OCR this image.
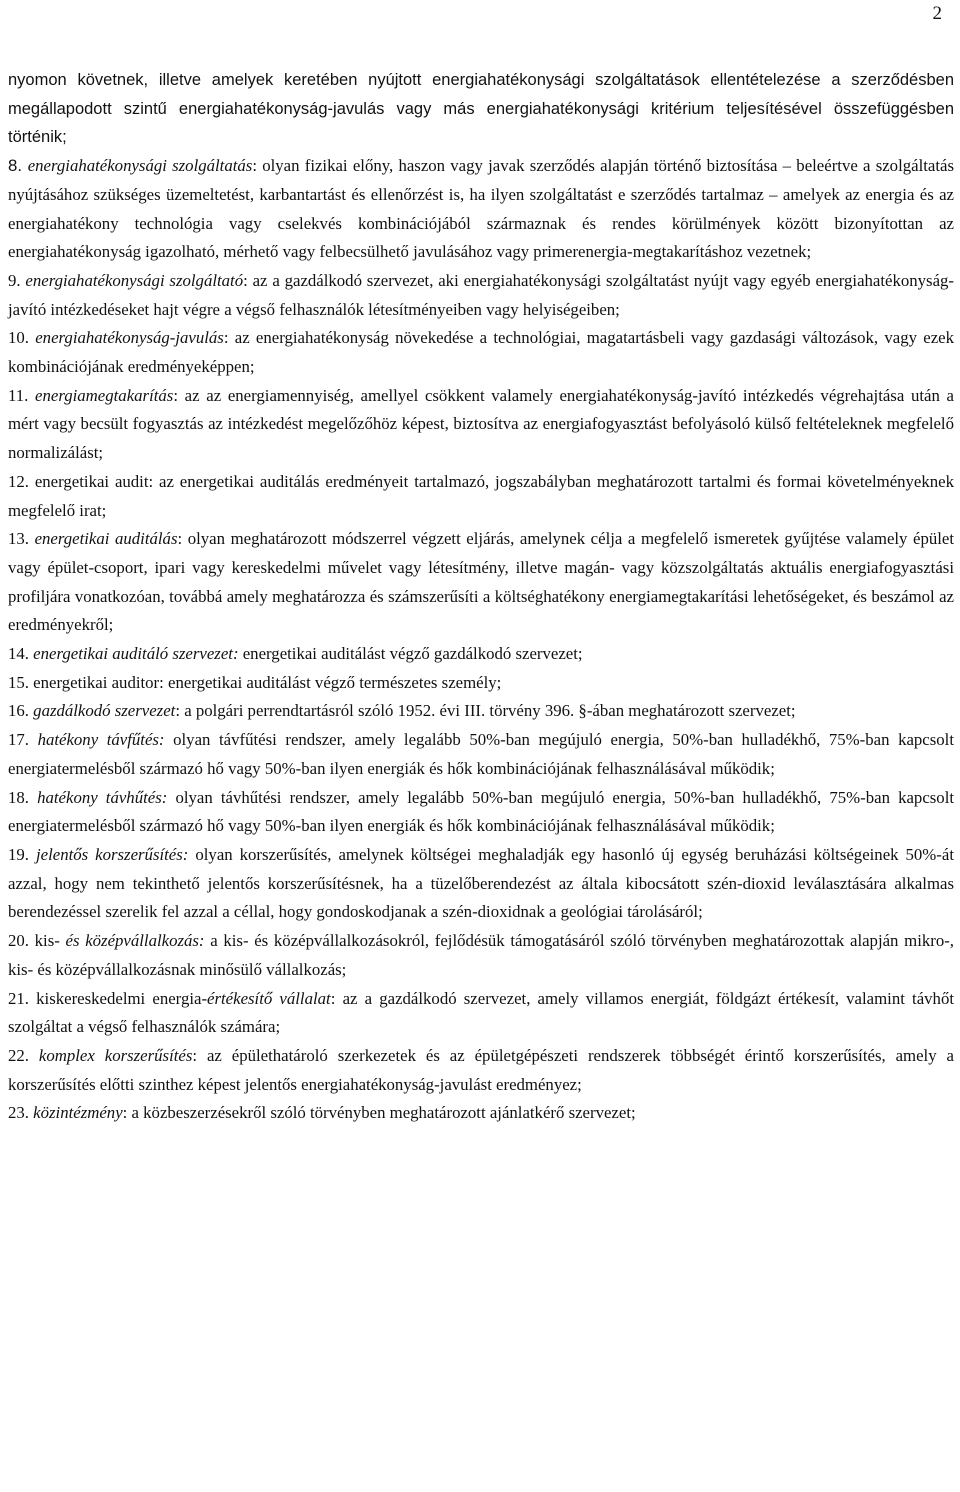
2

nyomon követnek, illetve amelyek keretében nyújtott energiahatékonysági szolgáltatások ellentételezése a szerződésben megállapodott szintű energiahatékonyság-javulás vagy más energiahatékonysági kritérium teljesítésével összefüggésben történik;

8. energiahatékonysági szolgáltatás: olyan fizikai előny, haszon vagy javak szerződés alapján történő biztosítása – beleértve a szolgáltatás nyújtásához szükséges üzemeltetést, karbantartást és ellenőrzést is, ha ilyen szolgáltatást e szerződés tartalmaz – amelyek az energia és az energiahatékony technológia vagy cselekvés kombinációjából származnak és rendes körülmények között bizonyítottan az energiahatékonyság igazolható, mérhető vagy felbecsülhető javulásához vagy primerenergia-megtakarításhoz vezetnek;

9. energiahatékonysági szolgáltató: az a gazdálkodó szervezet, aki energiahatékonysági szolgáltatást nyújt vagy egyéb energiahatékonyság-javító intézkedéseket hajt végre a végső felhasználók létesítményeiben vagy helyiségeiben;

10. energiahatékonyság-javulás: az energiahatékonyság növekedése a technológiai, magatartásbeli vagy gazdasági változások, vagy ezek kombinációjának eredményeképpen;

11. energiamegtakarítás: az az energiamennyiség, amellyel csökkent valamely energiahatékonyság-javító intézkedés végrehajtása után a mért vagy becsült fogyasztás az intézkedést megelőzőhöz képest, biztosítva az energiafogyasztást befolyásoló külső feltételeknek megfelelő normalizálást;

12. energetikai audit: az energetikai auditálás eredményeit tartalmazó, jogszabályban meghatározott tartalmi és formai követelményeknek megfelelő irat;

13. energetikai auditálás: olyan meghatározott módszerrel végzett eljárás, amelynek célja a megfelelő ismeretek gyűjtése valamely épület vagy épület-csoport, ipari vagy kereskedelmi művelet vagy létesítmény, illetve magán- vagy közszolgáltatás aktuális energiafogyasztási profiljára vonatkozóan, továbbá amely meghatározza és számszerűsíti a költséghatékony energiamegtakarítási lehetőségeket, és beszámol az eredményekről;

14. energetikai auditáló szervezet: energetikai auditálást végző gazdálkodó szervezet;

15. energetikai auditor: energetikai auditálást végző természetes személy;

16. gazdálkodó szervezet: a polgári perrendtartásról szóló 1952. évi III. törvény 396. §-ában meghatározott szervezet;

17. hatékony távfűtés: olyan távfűtési rendszer, amely legalább 50%-ban megújuló energia, 50%-ban hulladékhő, 75%-ban kapcsolt energiatermelésből származó hő vagy 50%-ban ilyen energiák és hők kombinációjának felhasználásával működik;

18. hatékony távhűtés: olyan távhűtési rendszer, amely legalább 50%-ban megújuló energia, 50%-ban hulladékhő, 75%-ban kapcsolt energiatermelésből származó hő vagy 50%-ban ilyen energiák és hők kombinációjának felhasználásával működik;

19. jelentős korszerűsítés: olyan korszerűsítés, amelynek költségei meghaladják egy hasonló új egység beruházási költségeinek 50%-át azzal, hogy nem tekinthető jelentős korszerűsítésnek, ha a tüzelőberendezést az általa kibocsátott szén-dioxid leválasztására alkalmas berendezéssel szerelik fel azzal a céllal, hogy gondoskodjanak a szén-dioxidnak a geológiai tárolásáról;

20. kis- és középvállalkozás: a kis- és középvállalkozásokról, fejlődésük támogatásáról szóló törvényben meghatározottak alapján mikro-, kis- és középvállalkozásnak minősülő vállalkozás;

21. kiskereskedelmi energia-értékesítő vállalat: az a gazdálkodó szervezet, amely villamos energiát, földgázt értékesít, valamint távhőt szolgáltat a végső felhasználók számára;

22. komplex korszerűsítés: az épülethatároló szerkezetek és az épületgépészeti rendszerek többségét érintő korszerűsítés, amely a korszerűsítés előtti szinthez képest jelentős energiahatékonyság-javulást eredményez;

23. közintézmény: a közbeszerzésekről szóló törvényben meghatározott ajánlatkérő szervezet;
